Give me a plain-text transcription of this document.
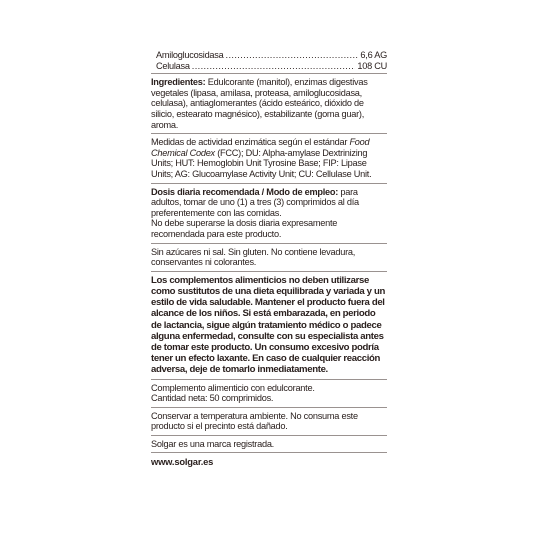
Amiloglucosidasa .....	6,6 AG
Celulasa .....	108 CU

Ingredientes: Edulcorante (manitol), enzimas digestivas vegetales (lipasa, amilasa, proteasa, amiloglucosidasa, celulasa), antiaglomerantes (ácido esteárico, dióxido de silicio, estearato magnésico), estabilizante (goma guar), aroma.

Medidas de actividad enzimática según el estándar Food Chemical Codex (FCC); DU: Alpha-amylase Dextrinizing Units; HUT: Hemoglobin Unit Tyrosine Base; FIP: Lipase Units; AG: Glucoamylase Activity Unit; CU: Cellulase Unit.

Dosis diaria recomendada / Modo de empleo: para adultos, tomar de uno (1) a tres (3) comprimidos al día preferentemente con las comidas.

No debe superarse la dosis diaria expresamente recomendada para este producto.

Sin azúcares ni sal. Sin gluten. No contiene levadura, conservantes ni colorantes.

Los complementos alimenticios no deben utilizarse como sustitutos de una dieta equilibrada y variada y un estilo de vida saludable. Mantener el producto fuera del alcance de los niños. Si está embarazada, en periodo de lactancia, sigue algún tratamiento médico o padece alguna enfermedad, consulte con su especialista antes de tomar este producto. Un consumo excesivo podría tener un efecto laxante. En caso de cualquier reacción adversa, deje de tomarlo inmediatamente.

Complemento alimenticio con edulcorante.

Cantidad neta: 50 comprimidos.

Conservar a temperatura ambiente. No consuma este producto si el precinto está dañado.

Solgar es una marca registrada.

www.solgar.es
